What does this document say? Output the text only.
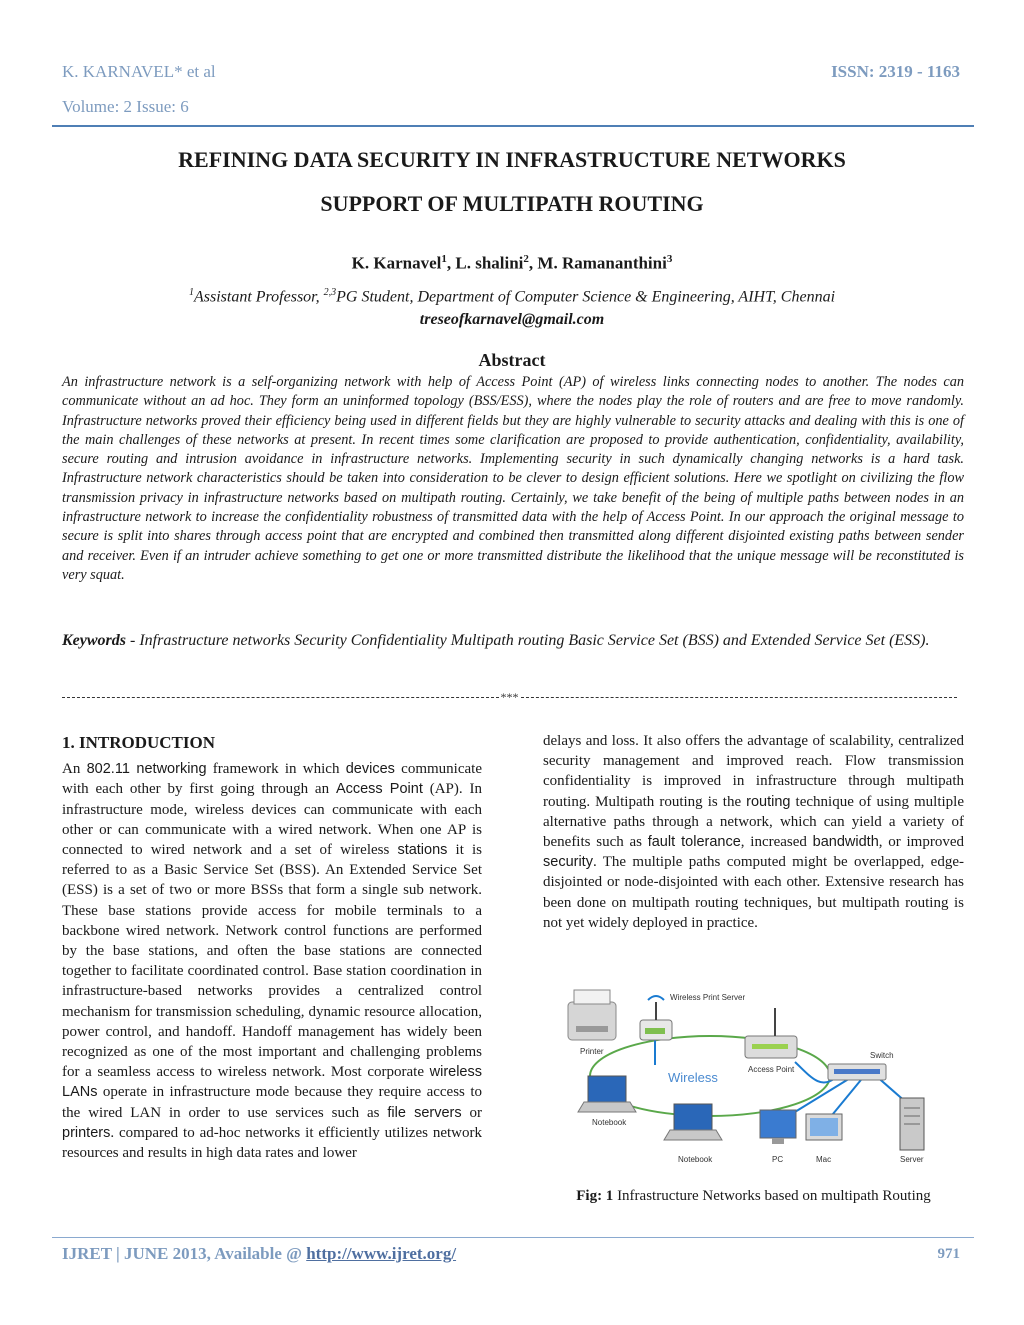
K. KARNAVEL* et al
Volume: 2 Issue: 6
ISSN: 2319 - 1163
REFINING DATA SECURITY IN INFRASTRUCTURE NETWORKS
SUPPORT OF MULTIPATH ROUTING
K. Karnavel$^1$, L. shalini$^2$, M. Ramananthini$^3$
$^1$Assistant Professor, $^{2,3}$PG Student, Department of Computer Science & Engineering, AIHT, Chennai
treseofkarnavel@gmail.com
Abstract
An infrastructure network is a self-organizing network with help of Access Point (AP) of wireless links connecting nodes to another. The nodes can communicate without an ad hoc. They form an uninformed topology (BSS/ESS), where the nodes play the role of routers and are free to move randomly. Infrastructure networks proved their efficiency being used in different fields but they are highly vulnerable to security attacks and dealing with this is one of the main challenges of these networks at present. In recent times some clarification are proposed to provide authentication, confidentiality, availability, secure routing and intrusion avoidance in infrastructure networks. Implementing security in such dynamically changing networks is a hard task. Infrastructure network characteristics should be taken into consideration to be clever to design efficient solutions. Here we spotlight on civilizing the flow transmission privacy in infrastructure networks based on multipath routing. Certainly, we take benefit of the being of multiple paths between nodes in an infrastructure network to increase the confidentiality robustness of transmitted data with the help of Access Point. In our approach the original message to secure is split into shares through access point that are encrypted and combined then transmitted along different disjointed existing paths between sender and receiver. Even if an intruder achieve something to get one or more transmitted distribute the likelihood that the unique message will be reconstituted is very squat.
Keywords - Infrastructure networks Security Confidentiality Multipath routing Basic Service Set (BSS) and Extended Service Set (ESS).
***
1. INTRODUCTION
An 802.11 networking framework in which devices communicate with each other by first going through an Access Point (AP). In infrastructure mode, wireless devices can communicate with each other or can communicate with a wired network. When one AP is connected to wired network and a set of wireless stations it is referred to as a Basic Service Set (BSS). An Extended Service Set (ESS) is a set of two or more BSSs that form a single sub network. These base stations provide access for mobile terminals to a backbone wired network. Network control functions are performed by the base stations, and often the base stations are connected together to facilitate coordinated control. Base station coordination in infrastructure-based networks provides a centralized control mechanism for transmission scheduling, dynamic resource allocation, power control, and handoff. Handoff management has widely been recognized as one of the most important and challenging problems for a seamless access to wireless network. Most corporate wireless LANs operate in infrastructure mode because they require access to the wired LAN in order to use services such as file servers or printers. compared to ad-hoc networks it efficiently utilizes network resources and results in high data rates and lower
delays and loss. It also offers the advantage of scalability, centralized security management and improved reach. Flow transmission confidentiality is improved in infrastructure through multipath routing. Multipath routing is the routing technique of using multiple alternative paths through a network, which can yield a variety of benefits such as fault tolerance, increased bandwidth, or improved security. The multiple paths computed might be overlapped, edge-disjointed or node-disjointed with each other. Extensive research has been done on multipath routing techniques, but multipath routing is not yet widely deployed in practice.
Printer
Wireless Print Server
Access Point
Switch
Wireless
Notebook
Notebook	PC	Mac	Server
Fig: 1 Infrastructure Networks based on multipath Routing
IJRET | JUNE 2013, Available @ http://www.ijret.org/	971
